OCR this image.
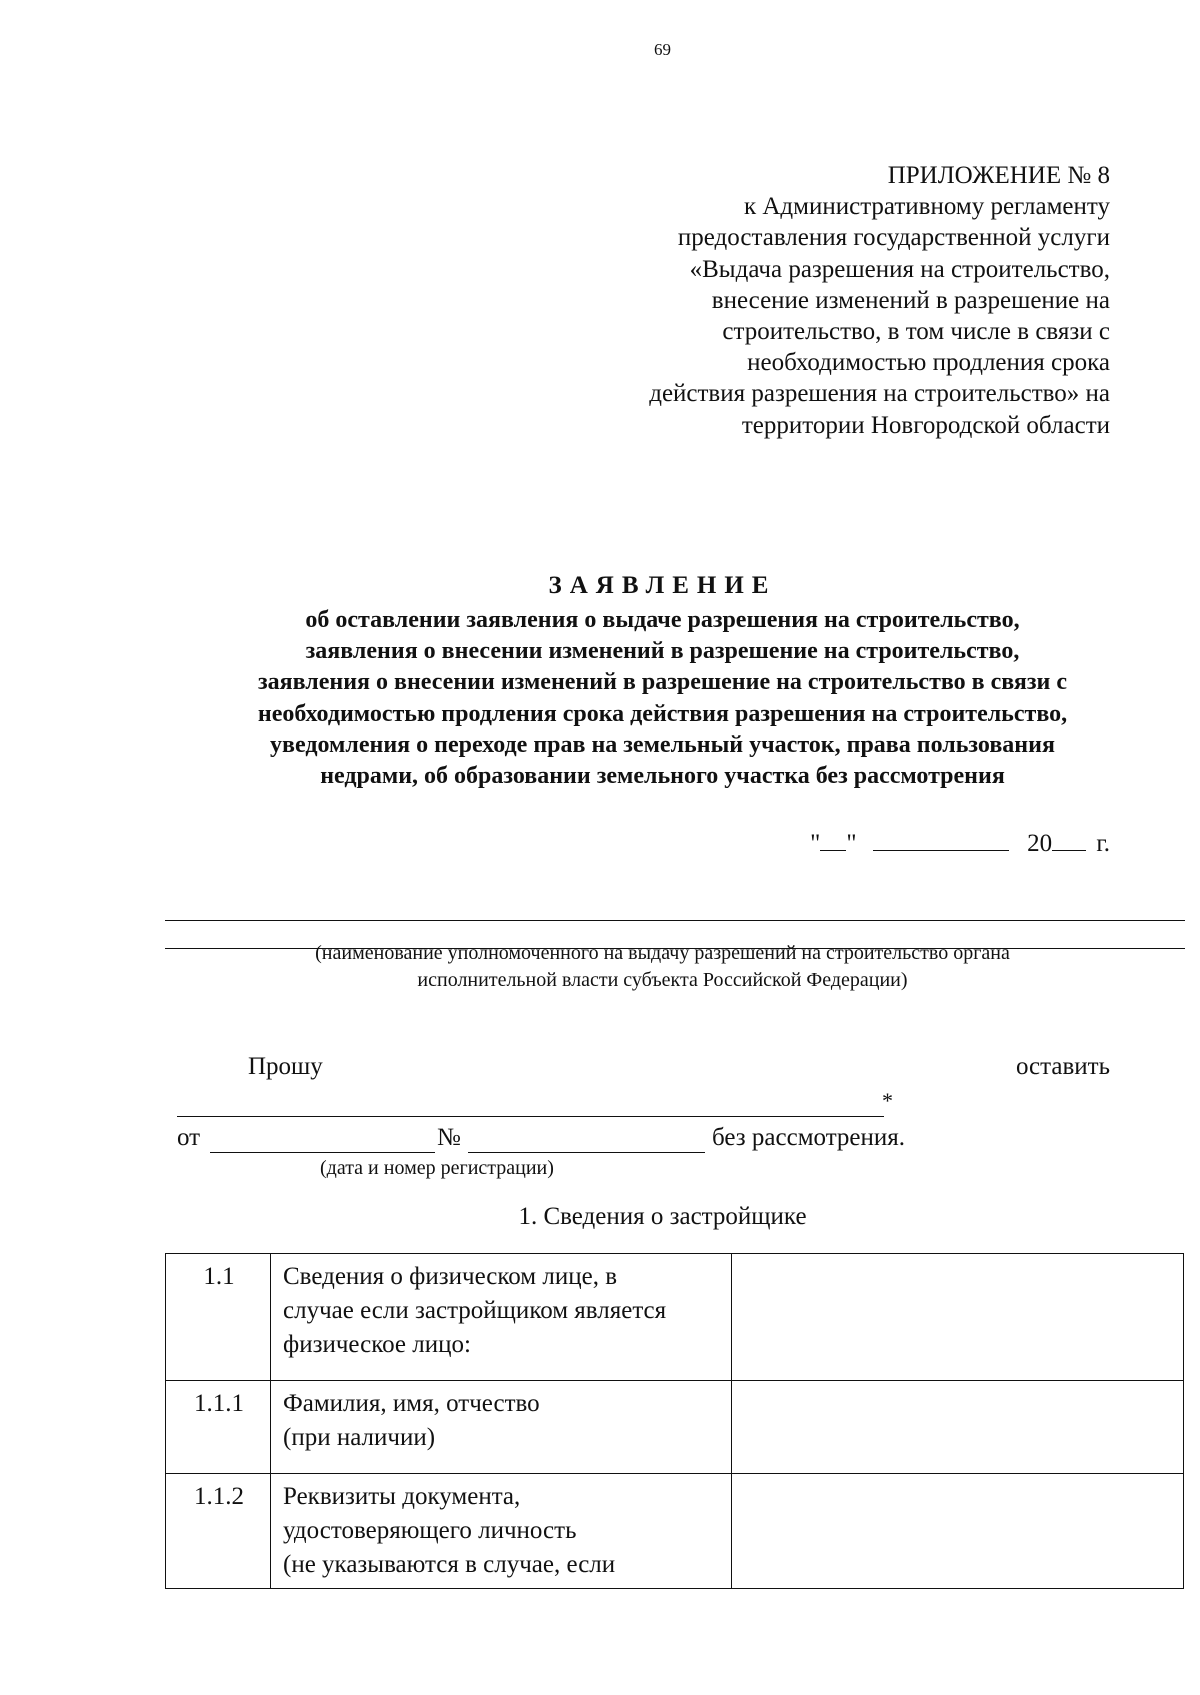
69
ПРИЛОЖЕНИЕ № 8
к Административному регламенту
предоставления государственной услуги
«Выдача разрешения на строительство,
внесение изменений в разрешение на
строительство, в том числе в связи с
необходимостью продления срока
действия разрешения на строительство» на
территории Новгородской области
ЗАЯВЛЕНИЕ
об оставлении заявления о выдаче разрешения на строительство,
заявления о внесении изменений в разрешение на строительство,
заявления о внесении изменений в разрешение на строительство в связи с
необходимостью продления срока действия разрешения на строительство,
уведомления о переходе прав на земельный участок, права пользования
недрами, об образовании земельного участка без рассмотрения
" "	20 г.
(наименование уполномоченного на выдачу разрешений на строительство органа
исполнительной власти субъекта Российской Федерации)
Прошу	оставить
*
от	№	без рассмотрения.
(дата и номер регистрации)
1. Сведения о застройщике
1.1	Сведения о физическом лице, в
случае если застройщиком является
физическое лицо:	

1.1.1	Фамилия, имя, отчество
(при наличии)	

1.1.2	Реквизиты документа,
удостоверяющего личность
(не указываются в случае, если	
